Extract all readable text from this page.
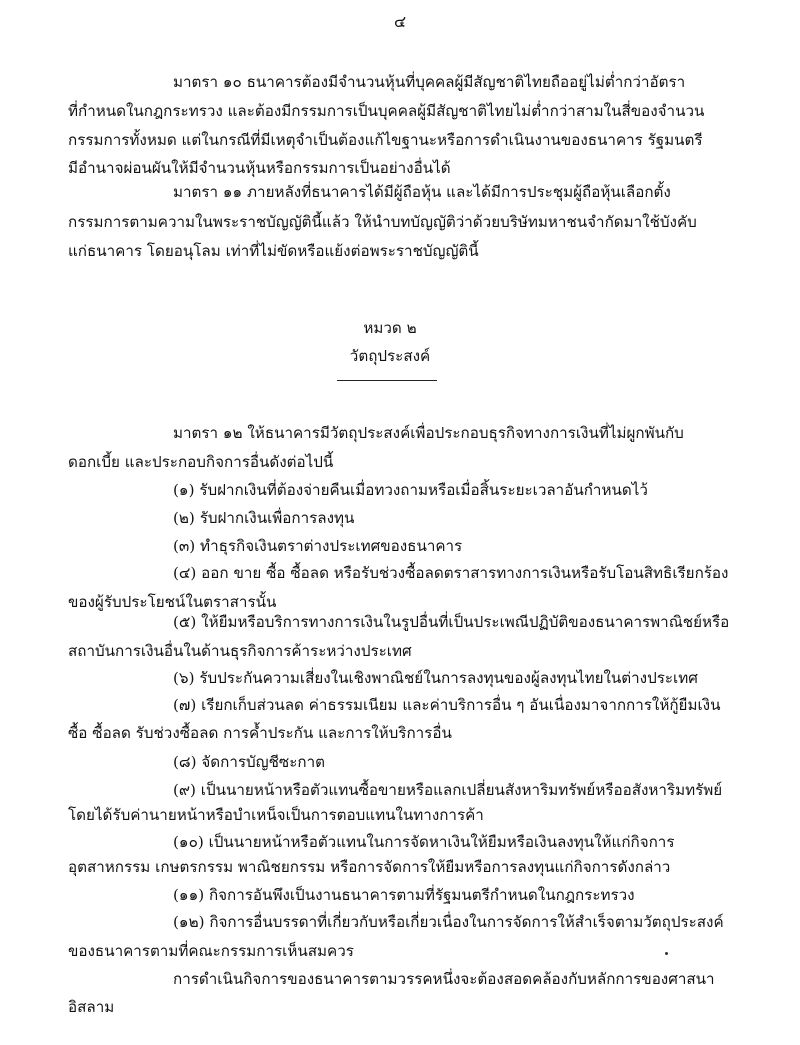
๔
มาตรา ๑๐ ธนาคารต้องมีจำนวนหุ้นที่บุคคลผู้มีสัญชาติไทยถืออยู่ไม่ต่ำกว่าอัตรา
ที่กำหนดในกฎกระทรวง และต้องมีกรรมการเป็นบุคคลผู้มีสัญชาติไทยไม่ต่ำกว่าสามในสี่ของจำนวน
กรรมการทั้งหมด แต่ในกรณีที่มีเหตุจำเป็นต้องแก้ไขฐานะหรือการดำเนินงานของธนาคาร รัฐมนตรี
มีอำนาจผ่อนผันให้มีจำนวนหุ้นหรือกรรมการเป็นอย่างอื่นได้
มาตรา ๑๑ ภายหลังที่ธนาคารได้มีผู้ถือหุ้น และได้มีการประชุมผู้ถือหุ้นเลือกตั้ง
กรรมการตามความในพระราชบัญญัตินี้แล้ว ให้นำบทบัญญัติว่าด้วยบริษัทมหาชนจำกัดมาใช้บังคับ
แก่ธนาคาร โดยอนุโลม เท่าที่ไม่ขัดหรือแย้งต่อพระราชบัญญัตินี้
หมวด ๒
วัตถุประสงค์
มาตรา ๑๒ ให้ธนาคารมีวัตถุประสงค์เพื่อประกอบธุรกิจทางการเงินที่ไม่ผูกพันกับ
ดอกเบี้ย และประกอบกิจการอื่นดังต่อไปนี้
(๑) รับฝากเงินที่ต้องจ่ายคืนเมื่อทวงถามหรือเมื่อสิ้นระยะเวลาอันกำหนดไว้
(๒) รับฝากเงินเพื่อการลงทุน
(๓) ทำธุรกิจเงินตราต่างประเทศของธนาคาร
(๔) ออก ขาย ซื้อ ซื้อลด หรือรับช่วงซื้อลดตราสารทางการเงินหรือรับโอนสิทธิเรียกร้อง
ของผู้รับประโยชน์ในตราสารนั้น
(๕) ให้ยืมหรือบริการทางการเงินในรูปอื่นที่เป็นประเพณีปฏิบัติของธนาคารพาณิชย์หรือ
สถาบันการเงินอื่นในด้านธุรกิจการค้าระหว่างประเทศ
(๖) รับประกันความเสี่ยงในเชิงพาณิชย์ในการลงทุนของผู้ลงทุนไทยในต่างประเทศ
(๗) เรียกเก็บส่วนลด ค่าธรรมเนียม และค่าบริการอื่น ๆ อันเนื่องมาจากการให้กู้ยืมเงิน
ซื้อ ซื้อลด รับช่วงซื้อลด การค้ำประกัน และการให้บริการอื่น
(๘) จัดการบัญชีซะกาต
(๙) เป็นนายหน้าหรือตัวแทนซื้อขายหรือแลกเปลี่ยนสังหาริมทรัพย์หรืออสังหาริมทรัพย์
โดยได้รับค่านายหน้าหรือบำเหน็จเป็นการตอบแทนในทางการค้า
(๑๐) เป็นนายหน้าหรือตัวแทนในการจัดหาเงินให้ยืมหรือเงินลงทุนให้แก่กิจการ
อุตสาหกรรม เกษตรกรรม พาณิชยกรรม หรือการจัดการให้ยืมหรือการลงทุนแก่กิจการดังกล่าว
(๑๑) กิจการอันพึงเป็นงานธนาคารตามที่รัฐมนตรีกำหนดในกฎกระทรวง
(๑๒) กิจการอื่นบรรดาที่เกี่ยวกับหรือเกี่ยวเนื่องในการจัดการให้สำเร็จตามวัตถุประสงค์
ของธนาคารตามที่คณะกรรมการเห็นสมควร
การดำเนินกิจการของธนาคารตามวรรคหนึ่งจะต้องสอดคล้องกับหลักการของศาสนา
อิสลาม
